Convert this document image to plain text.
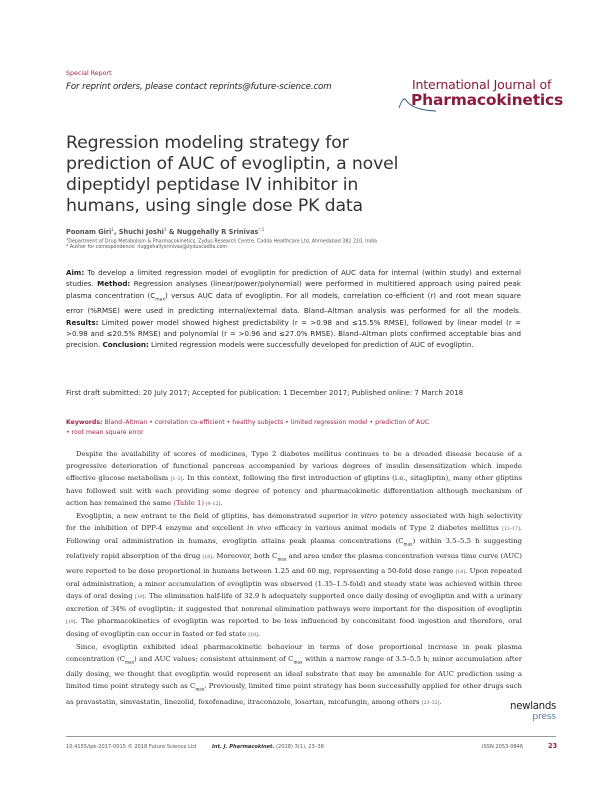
Special Report
For reprint orders, please contact reprints@future-science.com	International Journal of
Pharmacokinetics
Regression modeling strategy for prediction of AUC of evogliptin, a novel dipeptidyl peptidase IV inhibitor in humans, using single dose PK data
Poonam Giri$^1$, Shuchi Joshi$^1$ & Nuggehally R Srinivas$^{*,1}$
$^1$Department of Drug Metabolism & Pharmacokinetics, Zydus Research Centre, Cadila Healthcare Ltd, Ahmedabad 382 210, India
* Author for correspondence: nuggehallysrinivas@zyduscadila.com
Aim: To develop a limited regression model of evogliptin for prediction of AUC data for internal (within study) and external studies. Method: Regression analyses (linear/power/polynomial) were performed in multitiered approach using paired peak plasma concentration $(C_{max})$ versus AUC data of evogliptin. For all models, correlation co-efficient (r) and root mean square error (%RMSE) were used in predicting internal/external data. Bland–Altman analysis was performed for all the models. Results: Limited power model showed highest predictability (r = >0.98 and ≤15.5% RMSE), followed by linear model (r = >0.98 and ≤20.5% RMSE) and polynomial (r = >0.96 and ≤27.0% RMSE). Bland–Altman plots confirmed acceptable bias and precision. Conclusion: Limited regression models were successfully developed for prediction of AUC of evogliptin.
First draft submitted: 20 July 2017; Accepted for publication: 1 December 2017; Published online: 7 March 2018
Keywords: Bland–Altman • correlation co-efficient • healthy subjects • limited regression model • prediction of AUC
• root mean square error

Despite the availability of scores of medicines, Type 2 diabetes mellitus continues to be a dreaded disease because of a progressive deterioration of functional pancreas accompanied by various degrees of insulin desensitization which impede effective glucose metabolism [1–3]. In this context, following the first introduction of gliptins (i.e., sitagliptin), many other gliptins have followed suit with each providing some degree of potency and pharmacokinetic differentiation although mechanism of action has remained the same (Table 1) [4–12].

Evogliptin, a new entrant to the field of gliptins, has demonstrated superior in vitro potency associated with high selectivity for the inhibition of DPP-4 enzyme and excellent in vivo efficacy in various animal models of Type 2 diabetes mellitus [13–17]. Following oral administration in humans, evogliptin attains peak plasma concentrations $(C_{max})$ within 3.5–5.5 h suggesting relatively rapid absorption of the drug [18]. Moreover, both $C_{max}$ and area under the plasma concentration versus time curve (AUC) were reported to be dose proportional in humans between 1.25 and 60 mg, representing a 50-fold dose range [18]. Upon repeated oral administration, a minor accumulation of evogliptin was observed (1.35–1.5-fold) and steady state was achieved within three days of oral dosing [19]. The elimination half-life of 32.9 h adequately supported once daily dosing of evogliptin and with a urinary excretion of 34% of evogliptin; it suggested that nonrenal elimination pathways were important for the disposition of evogliptin [19]. The pharmacokinetics of evogliptin was reported to be less influenced by concomitant food ingestion and therefore, oral dosing of evogliptin can occur in fasted or fed state [18].

Since, evogliptin exhibited ideal pharmacokinetic behaviour in terms of dose proportional increase in peak plasma concentration $(C_{max})$ and AUC values; consistent attainment of $C_{max}$ within a narrow range of 3.5–5.5 h; minor accumulation after daily dosing, we thought that evogliptin would represent an ideal substrate that may be amenable for AUC prediction using a limited time point strategy such as $C_{max}$. Previously, limited time point strategy has been successfully applied for other drugs such as pravastatin, simvastatin, linezolid, fexofenadine, itraconazole, losartan, micafungin, among others [23–32].	newlands
press
10.4155/ipk-2017-0015 © 2018 Future Science Ltd	Int. J. Pharmacokinet. (2018) 3(1), 23–38	ISSN 2053-0846	23
